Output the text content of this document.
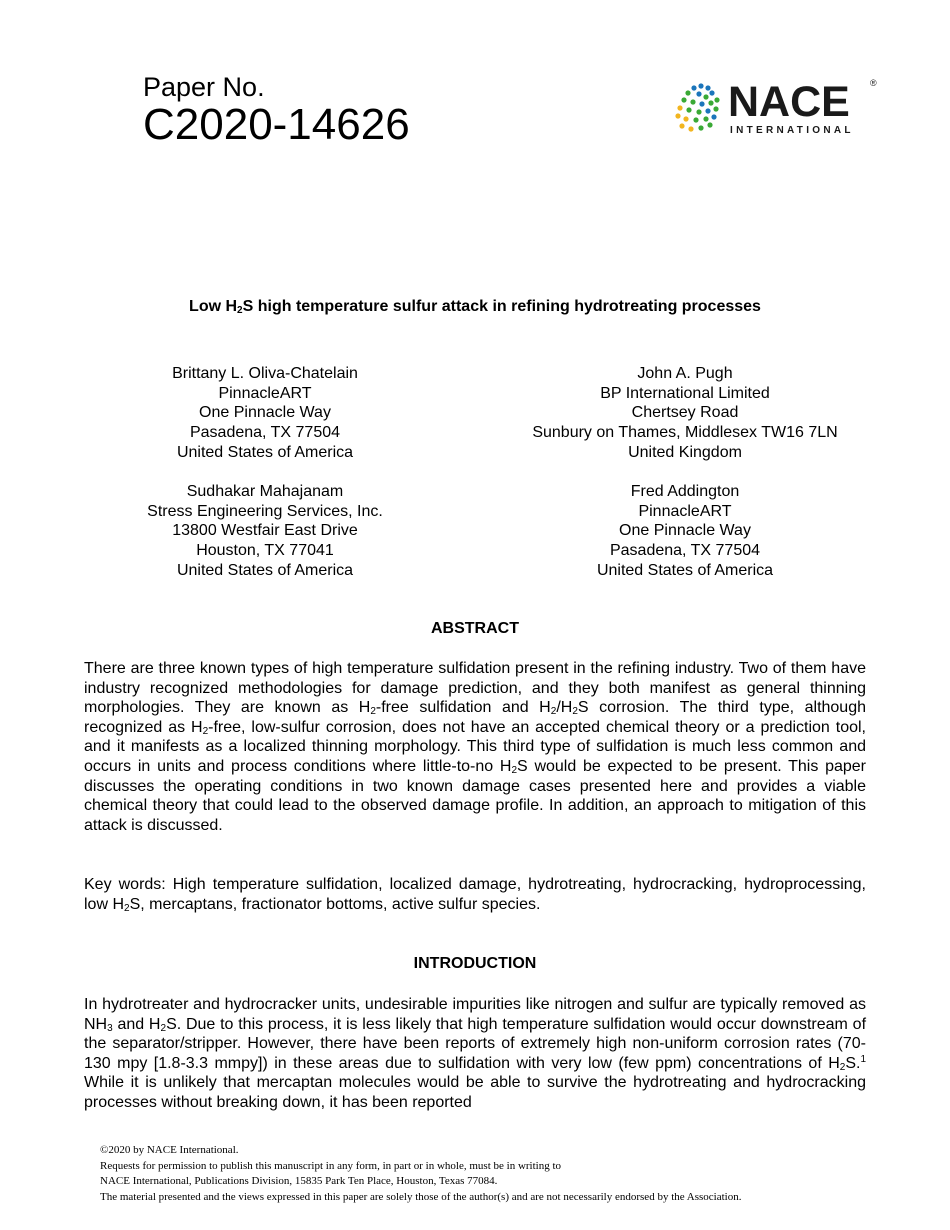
Paper No.
C2020-14626	NACE ®
INTERNATIONAL
Low $H_2S$ high temperature sulfur attack in refining hydrotreating processes
Brittany L. Oliva-Chatelain
PinnacleART
One Pinnacle Way
Pasadena, TX 77504
United States of America
John A. Pugh
BP International Limited
Chertsey Road
Sunbury on Thames, Middlesex TW16 7LN
United Kingdom
Sudhakar Mahajanam
Stress Engineering Services, Inc.
13800 Westfair East Drive
Houston, TX 77041
United States of America
Fred Addington
PinnacleART
One Pinnacle Way
Pasadena, TX 77504
United States of America
ABSTRACT
There are three known types of high temperature sulfidation present in the refining industry. Two of them have industry recognized methodologies for damage prediction, and they both manifest as general thinning morphologies. They are known as $H_2$-free sulfidation and $H_2/H_2S$ corrosion. The third type, although recognized as $H_2$-free, low-sulfur corrosion, does not have an accepted chemical theory or a prediction tool, and it manifests as a localized thinning morphology. This third type of sulfidation is much less common and occurs in units and process conditions where little-to-no $H_2S$ would be expected to be present. This paper discusses the operating conditions in two known damage cases presented here and provides a viable chemical theory that could lead to the observed damage profile. In addition, an approach to mitigation of this attack is discussed.
Key words: High temperature sulfidation, localized damage, hydrotreating, hydrocracking, hydroprocessing, low $H_2S$, mercaptans, fractionator bottoms, active sulfur species.
INTRODUCTION
In hydrotreater and hydrocracker units, undesirable impurities like nitrogen and sulfur are typically removed as $NH_3$ and $H_2S$. Due to this process, it is less likely that high temperature sulfidation would occur downstream of the separator/stripper. However, there have been reports of extremely high non-uniform corrosion rates (70-130 mpy [1.8-3.3 mmpy]) in these areas due to sulfidation with very low (few ppm) concentrations of $H_2S.^1$ While it is unlikely that mercaptan molecules would be able to survive the hydrotreating and hydrocracking processes without breaking down, it has been reported
©2020 by NACE International.
Requests for permission to publish this manuscript in any form, in part or in whole, must be in writing to
NACE International, Publications Division, 15835 Park Ten Place, Houston, Texas 77084.
The material presented and the views expressed in this paper are solely those of the author(s) and are not necessarily endorsed by the Association.
